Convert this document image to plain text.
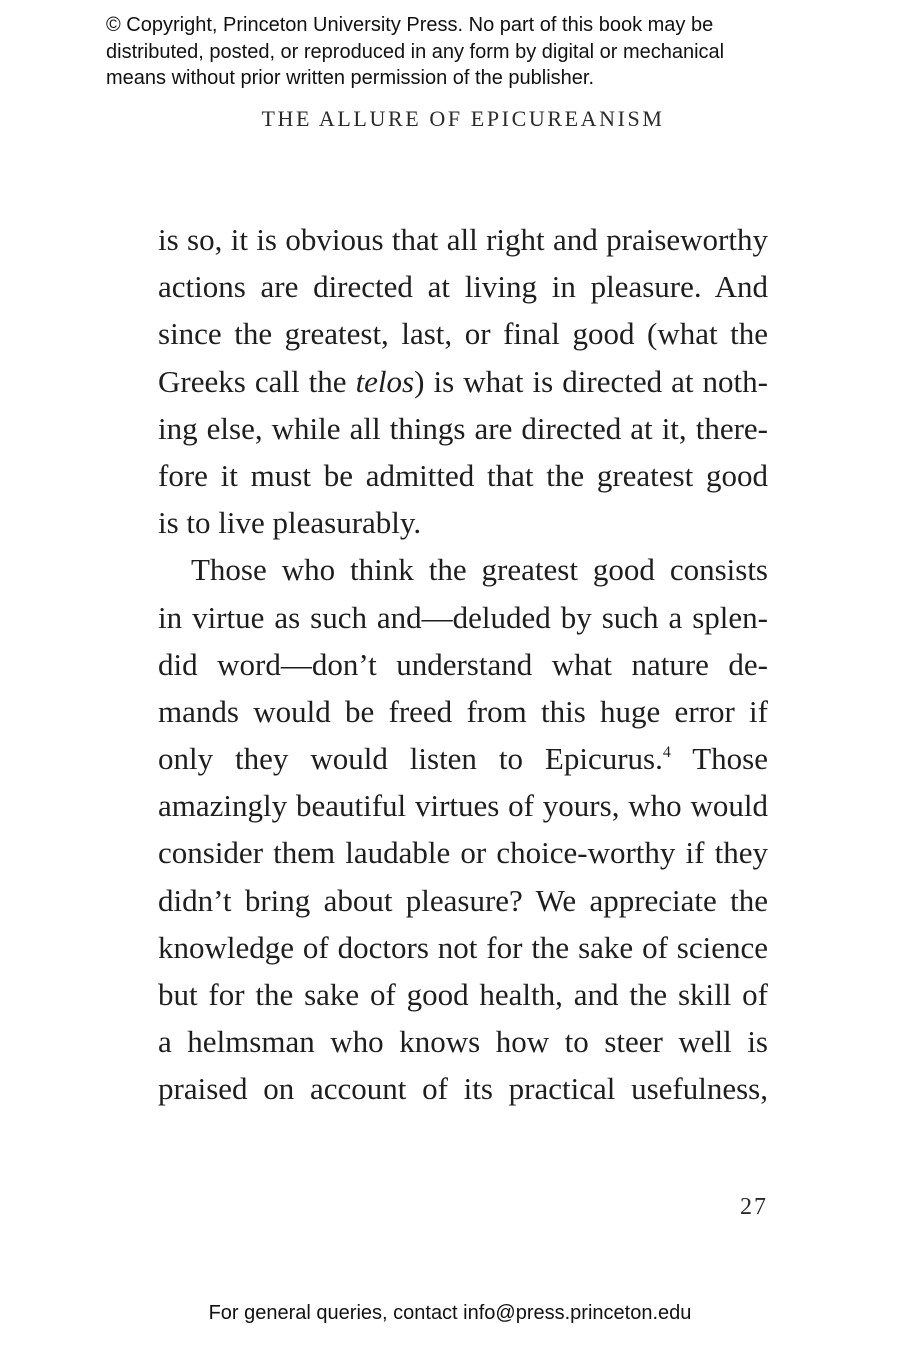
© Copyright, Princeton University Press. No part of this book may be
distributed, posted, or reproduced in any form by digital or mechanical
means without prior written permission of the publisher.
THE ALLURE OF EPICUREANISM
is so, it is obvious that all right and praiseworthy
actions are directed at living in pleasure. And
since the greatest, last, or final good (what the
Greeks call the telos) is what is directed at noth-
ing else, while all things are directed at it, there-
fore it must be admitted that the greatest good
is to live pleasurably.
Those who think the greatest good consists
in virtue as such and—deluded by such a splen-
did word—don’t understand what nature de-
mands would be freed from this huge error if
only they would listen to Epicurus.$^4$ Those
amazingly beautiful virtues of yours, who would
consider them laudable or choice-worthy if they
didn’t bring about pleasure? We appreciate the
knowledge of doctors not for the sake of science
but for the sake of good health, and the skill of
a helmsman who knows how to steer well is
praised on account of its practical usefulness,
27
For general queries, contact info@press.princeton.edu
